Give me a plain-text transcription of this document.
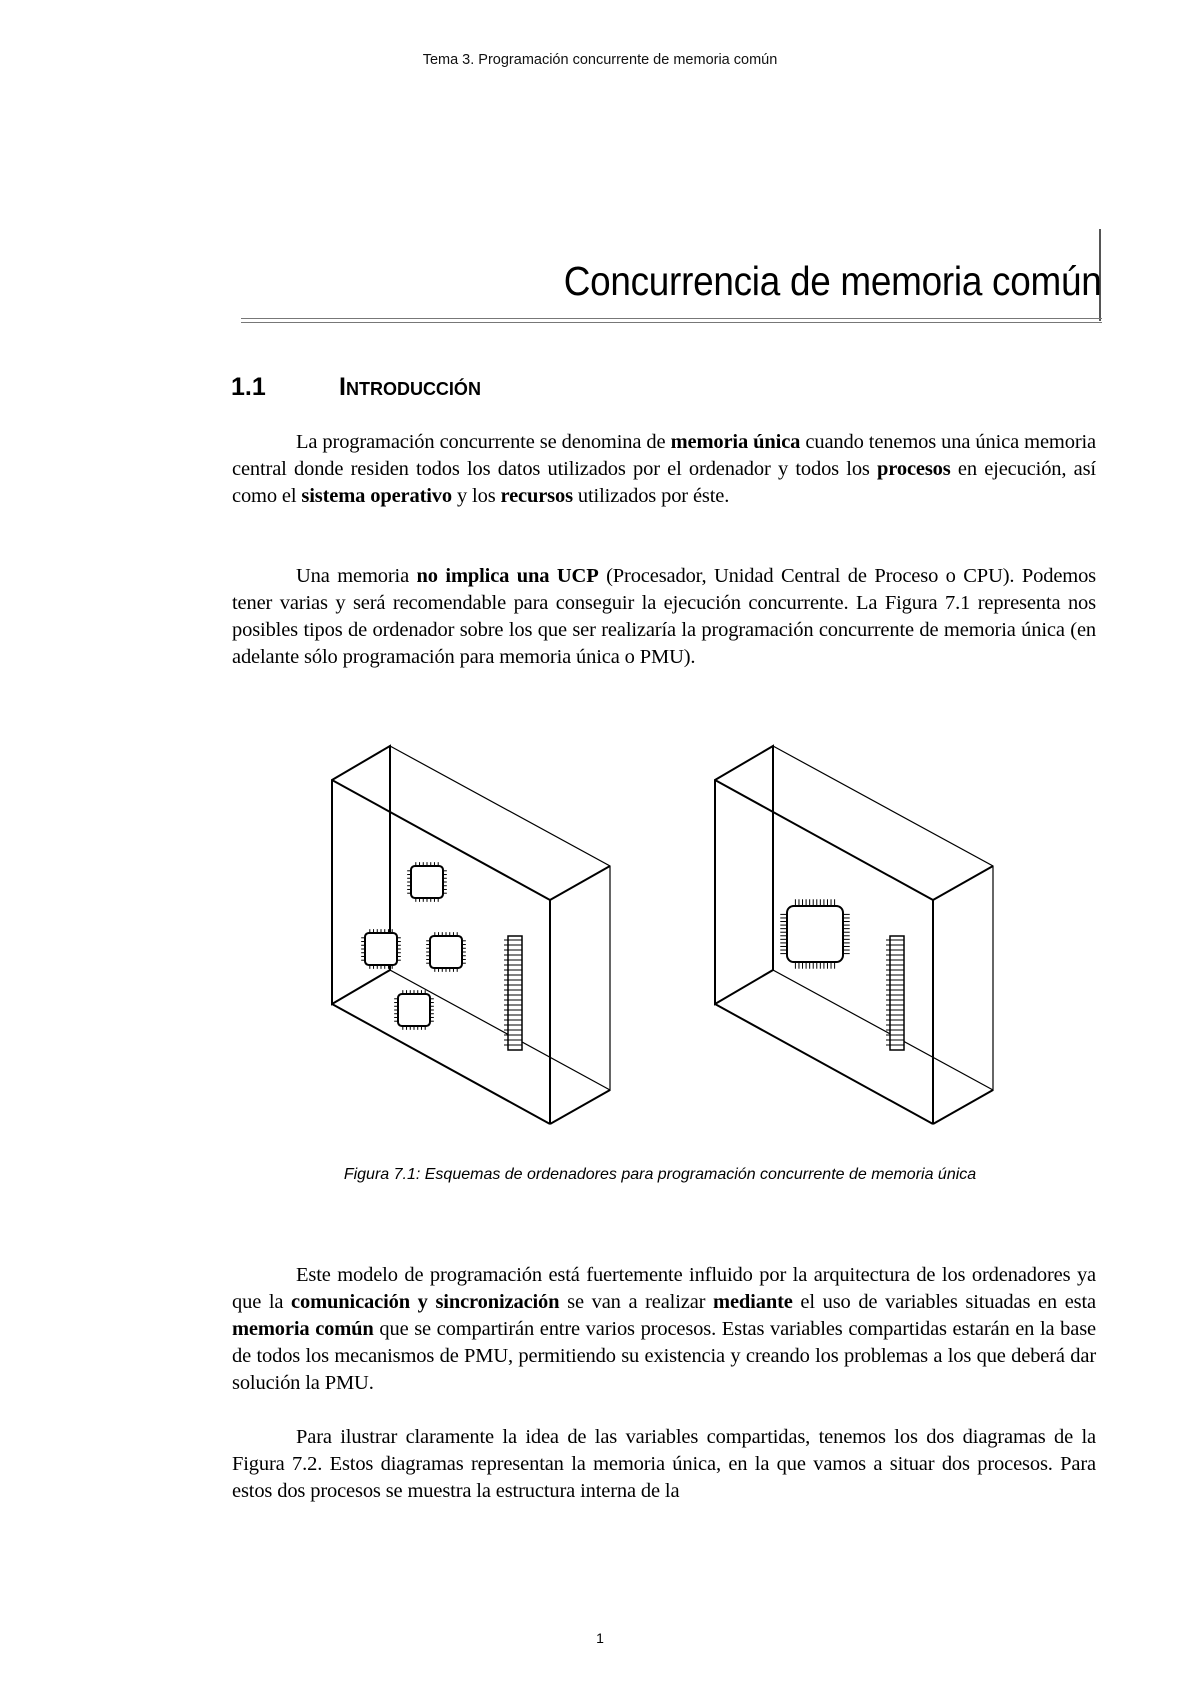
Tema 3. Programación concurrente de memoria común
Concurrencia de memoria común
1.1	Introducción

La programación concurrente se denomina de memoria única cuando tenemos una única memoria central donde residen todos los datos utilizados por el ordenador y todos los procesos en ejecución, así como el sistema operativo y los recursos utilizados por éste.

Una memoria no implica una UCP (Procesador, Unidad Central de Proceso o CPU). Podemos tener varias y será recomendable para conseguir la ejecución concurrente. La Figura 7.1 representa nos posibles tipos de ordenador sobre los que ser realizaría la programación concurrente de memoria única (en adelante sólo programación para memoria única o PMU).

Figura 7.1: Esquemas de ordenadores para programación concurrente de memoria única

Este modelo de programación está fuertemente influido por la arquitectura de los ordenadores ya que la comunicación y sincronización se van a realizar mediante el uso de variables situadas en esta memoria común que se compartirán entre varios procesos. Estas variables compartidas estarán en la base de todos los mecanismos de PMU, permitiendo su existencia y creando los problemas a los que deberá dar solución la PMU.

Para ilustrar claramente la idea de las variables compartidas, tenemos los dos diagramas de la Figura 7.2. Estos diagramas representan la memoria única, en la que vamos a situar dos procesos. Para estos dos procesos se muestra la estructura interna de la

1
